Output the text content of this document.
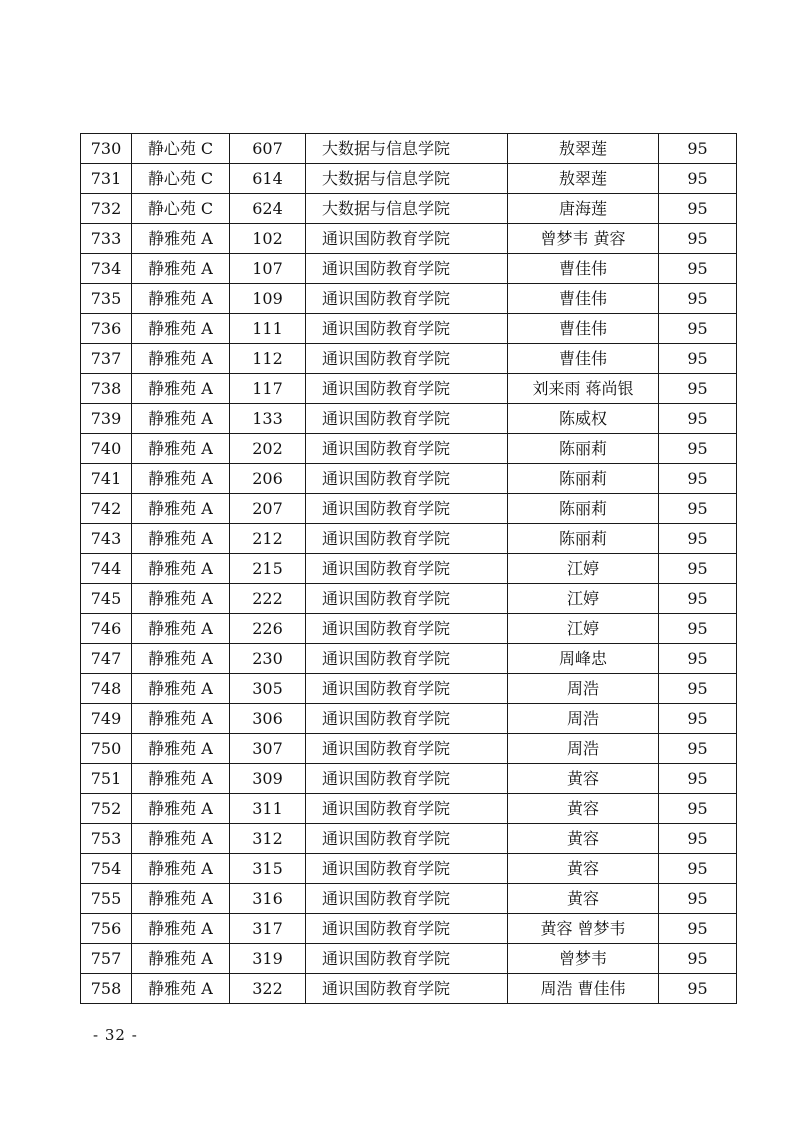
730	静心苑 C	607	大数据与信息学院	敖翠莲	95
731	静心苑 C	614	大数据与信息学院	敖翠莲	95
732	静心苑 C	624	大数据与信息学院	唐海莲	95
733	静雅苑 A	102	通识国防教育学院	曾梦韦 黄容	95
734	静雅苑 A	107	通识国防教育学院	曹佳伟	95
735	静雅苑 A	109	通识国防教育学院	曹佳伟	95
736	静雅苑 A	111	通识国防教育学院	曹佳伟	95
737	静雅苑 A	112	通识国防教育学院	曹佳伟	95
738	静雅苑 A	117	通识国防教育学院	刘来雨 蒋尚银	95
739	静雅苑 A	133	通识国防教育学院	陈威权	95
740	静雅苑 A	202	通识国防教育学院	陈丽莉	95
741	静雅苑 A	206	通识国防教育学院	陈丽莉	95
742	静雅苑 A	207	通识国防教育学院	陈丽莉	95
743	静雅苑 A	212	通识国防教育学院	陈丽莉	95
744	静雅苑 A	215	通识国防教育学院	江婷	95
745	静雅苑 A	222	通识国防教育学院	江婷	95
746	静雅苑 A	226	通识国防教育学院	江婷	95
747	静雅苑 A	230	通识国防教育学院	周峰忠	95
748	静雅苑 A	305	通识国防教育学院	周浩	95
749	静雅苑 A	306	通识国防教育学院	周浩	95
750	静雅苑 A	307	通识国防教育学院	周浩	95
751	静雅苑 A	309	通识国防教育学院	黄容	95
752	静雅苑 A	311	通识国防教育学院	黄容	95
753	静雅苑 A	312	通识国防教育学院	黄容	95
754	静雅苑 A	315	通识国防教育学院	黄容	95
755	静雅苑 A	316	通识国防教育学院	黄容	95
756	静雅苑 A	317	通识国防教育学院	黄容 曾梦韦	95
757	静雅苑 A	319	通识国防教育学院	曾梦韦	95
758	静雅苑 A	322	通识国防教育学院	周浩 曹佳伟	95
- 32 -
